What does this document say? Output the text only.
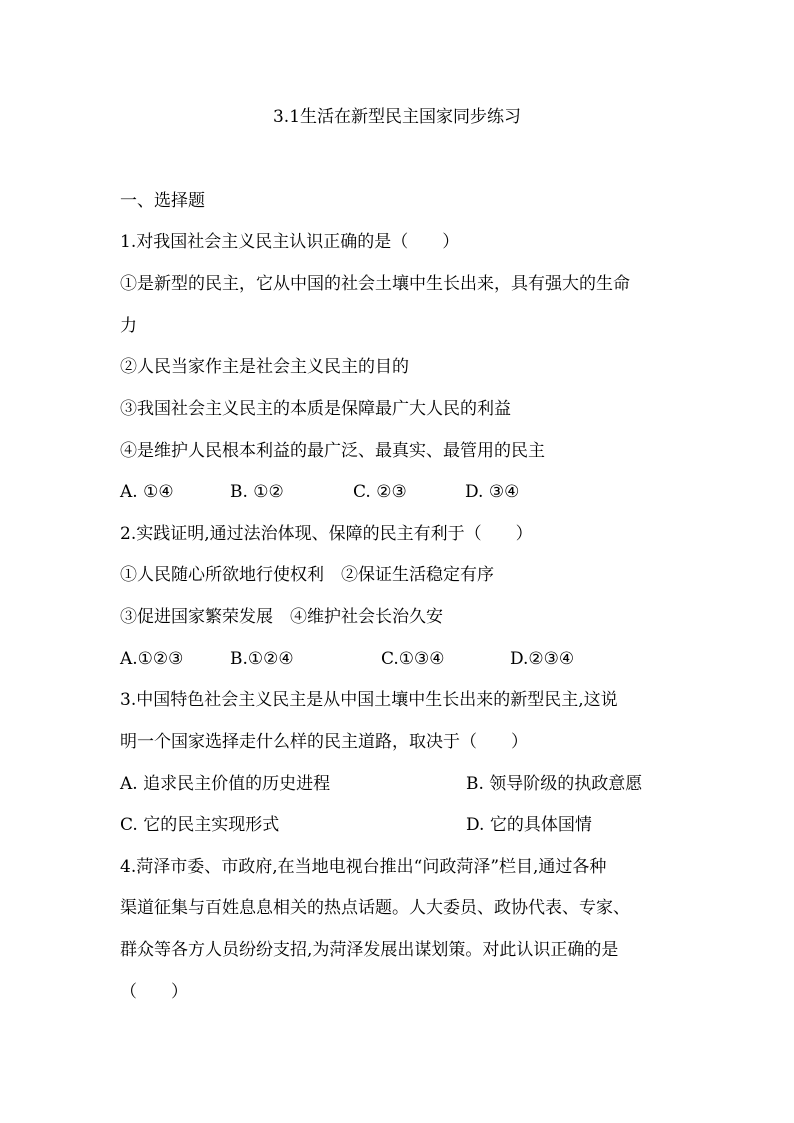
3.1生活在新型民主国家同步练习
一、选择题
1.对我国社会主义民主认识正确的是（　　）
①是新型的民主，它从中国的社会土壤中生长出来，具有强大的生命
力
②人民当家作主是社会主义民主的目的
③我国社会主义民主的本质是保障最广大人民的利益
④是维护人民根本利益的最广泛、最真实、最管用的民主
A. ①④	B. ①②	C. ②③	D. ③④
2.实践证明,通过法治体现、保障的民主有利于（　　）
①人民随心所欲地行使权利　②保证生活稳定有序
③促进国家繁荣发展　④维护社会长治久安
A.①②③	B.①②④	C.①③④	D.②③④
3.中国特色社会主义民主是从中国土壤中生长出来的新型民主,这说
明一个国家选择走什么样的民主道路，取决于（　　）
A. 追求民主价值的历史进程	B. 领导阶级的执政意愿
C. 它的民主实现形式	D. 它的具体国情
4.菏泽市委、市政府,在当地电视台推出“问政菏泽”栏目,通过各种
渠道征集与百姓息息相关的热点话题。人大委员、政协代表、专家、
群众等各方人员纷纷支招,为菏泽发展出谋划策。对此认识正确的是
（　　）
